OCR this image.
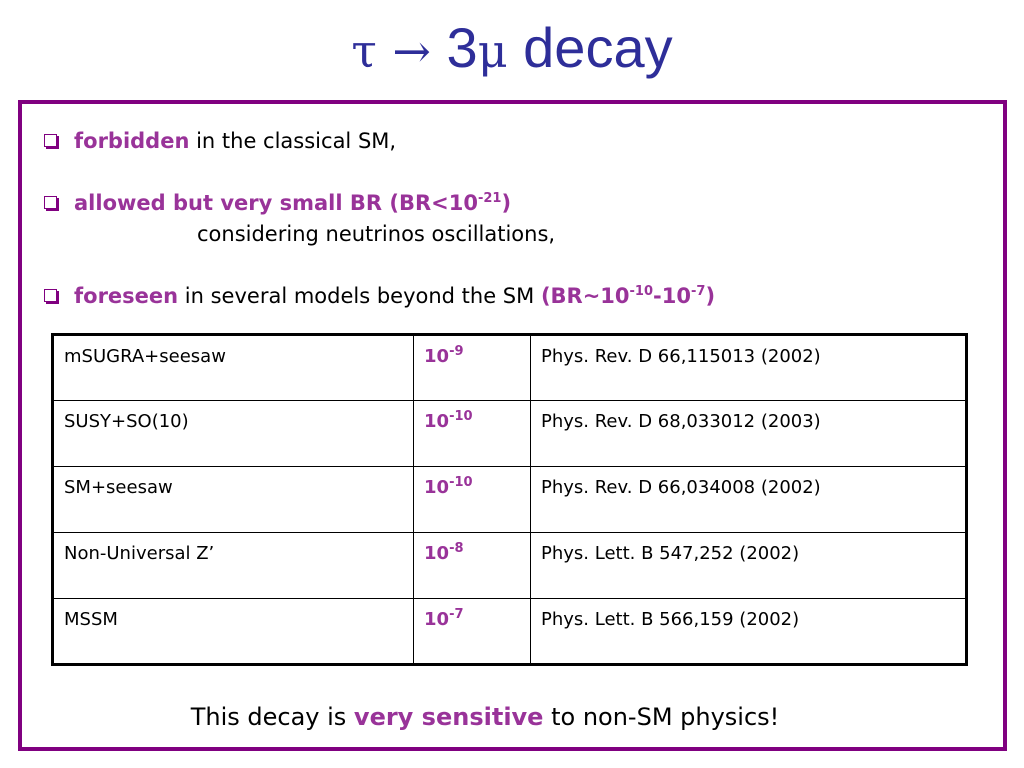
τ → 3μ decay
forbidden in the classical SM,
allowed but very small BR $(BR<10^{-21})$
considering neutrinos oscillations,
foreseen in several models beyond the SM $(BR\sim 10^{-10}-10^{-7})$
mSUGRA+seesaw	$10^{-9}$	Phys. Rev. D 66,115013 (2002)
SUSY+SO(10)	$10^{-10}$	Phys. Rev. D 68,033012 (2003)
SM+seesaw	$10^{-10}$	Phys. Rev. D 66,034008 (2002)
Non-Universal Z’	$10^{-8}$	Phys. Lett. B 547,252 (2002)
MSSM	$10^{-7}$	Phys. Lett. B 566,159 (2002)
This decay is very sensitive to non-SM physics!
